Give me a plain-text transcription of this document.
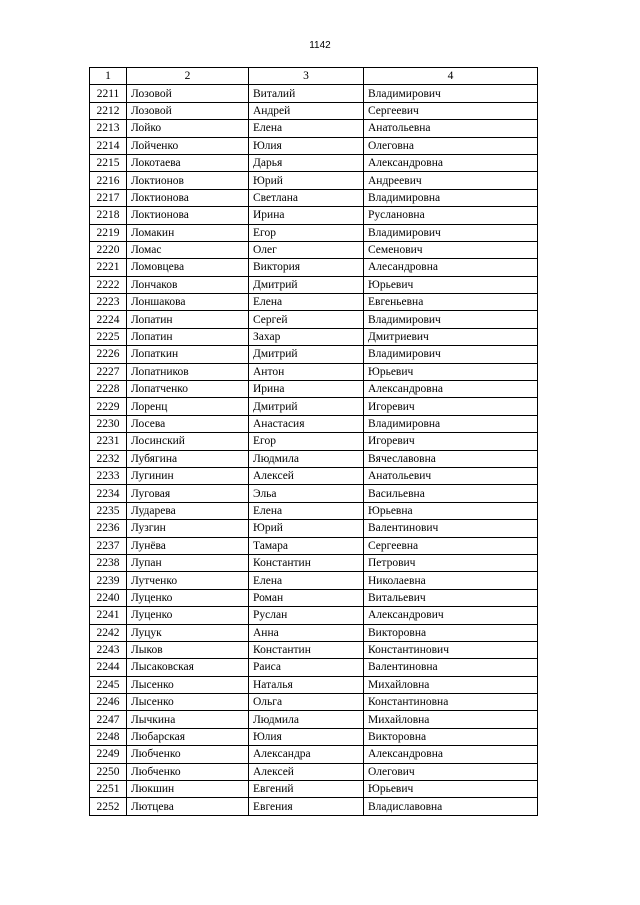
1142
1	2	3	4
2211	Лозовой	Виталий	Владимирович
2212	Лозовой	Андрей	Сергеевич
2213	Лойко	Елена	Анатольевна
2214	Лойченко	Юлия	Олеговна
2215	Локотаева	Дарья	Александровна
2216	Локтионов	Юрий	Андреевич
2217	Локтионова	Светлана	Владимировна
2218	Локтионова	Ирина	Руслановна
2219	Ломакин	Егор	Владимирович
2220	Ломас	Олег	Семенович
2221	Ломовцева	Виктория	Алесандровна
2222	Лончаков	Дмитрий	Юрьевич
2223	Лоншакова	Елена	Евгеньевна
2224	Лопатин	Сергей	Владимирович
2225	Лопатин	Захар	Дмитриевич
2226	Лопаткин	Дмитрий	Владимирович
2227	Лопатников	Антон	Юрьевич
2228	Лопатченко	Ирина	Александровна
2229	Лоренц	Дмитрий	Игоревич
2230	Лосева	Анастасия	Владимировна
2231	Лосинский	Егор	Игоревич
2232	Лубягина	Людмила	Вячеславовна
2233	Лугинин	Алексей	Анатольевич
2234	Луговая	Эльа	Васильевна
2235	Лударева	Елена	Юрьевна
2236	Лузгин	Юрий	Валентинович
2237	Лунёва	Тамара	Сергеевна
2238	Лупан	Константин	Петрович
2239	Лутченко	Елена	Николаевна
2240	Луценко	Роман	Витальевич
2241	Луценко	Руслан	Александрович
2242	Луцук	Анна	Викторовна
2243	Лыков	Константин	Константинович
2244	Лысаковская	Раиса	Валентиновна
2245	Лысенко	Наталья	Михайловна
2246	Лысенко	Ольга	Константиновна
2247	Лычкина	Людмила	Михайловна
2248	Любарская	Юлия	Викторовна
2249	Любченко	Александра	Александровна
2250	Любченко	Алексей	Олегович
2251	Люкшин	Евгений	Юрьевич
2252	Лютцева	Евгения	Владиславовна
